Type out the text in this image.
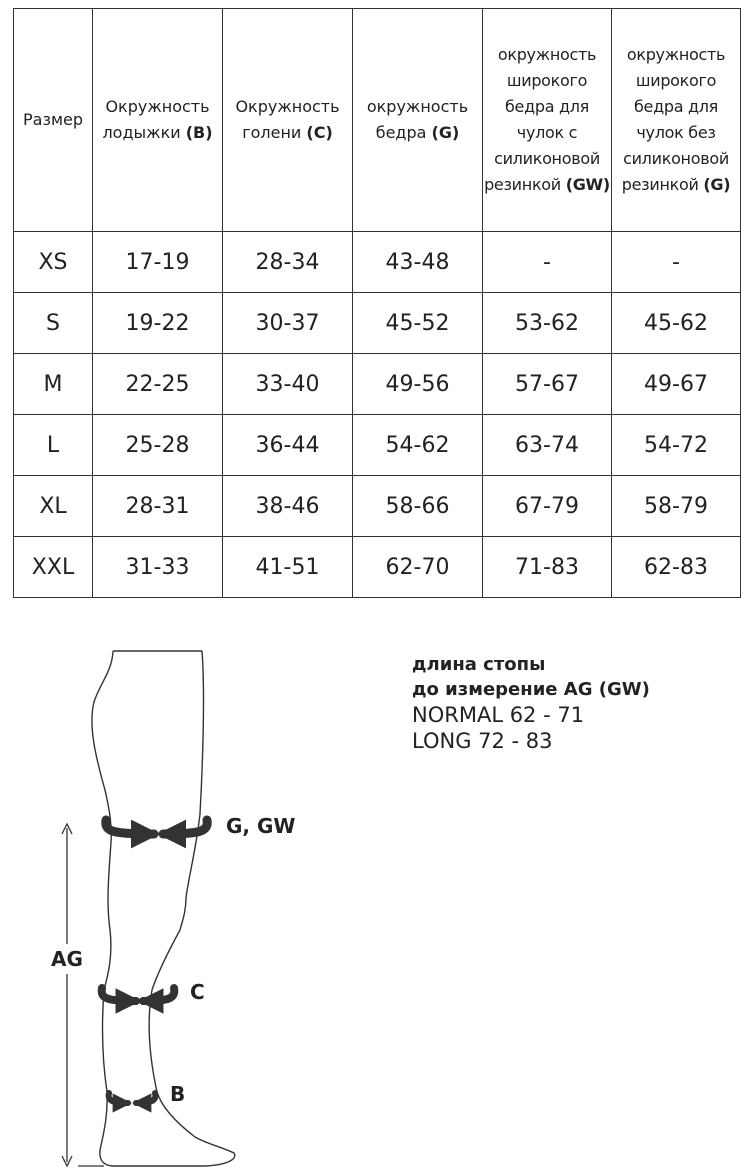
Размер	Окружность лодыжки (B)	Окружность голени (C)	окружность бедра (G)	окружность широкого бедра для чулок с силиконовой резинкой (GW)	окружность широкого бедра для чулок без силиконовой резинкой (G)
XS	17-19	28-34	43-48	-	-
S	19-22	30-37	45-52	53-62	45-62
M	22-25	33-40	49-56	57-67	49-67
L	25-28	36-44	54-62	63-74	54-72
XL	28-31	38-46	58-66	67-79	58-79
XXL	31-33	41-51	62-70	71-83	62-83
длина стопы
до измерение AG (GW)
NORMAL 62 - 71
LONG 72 - 83
G, GW
AG
C
B
